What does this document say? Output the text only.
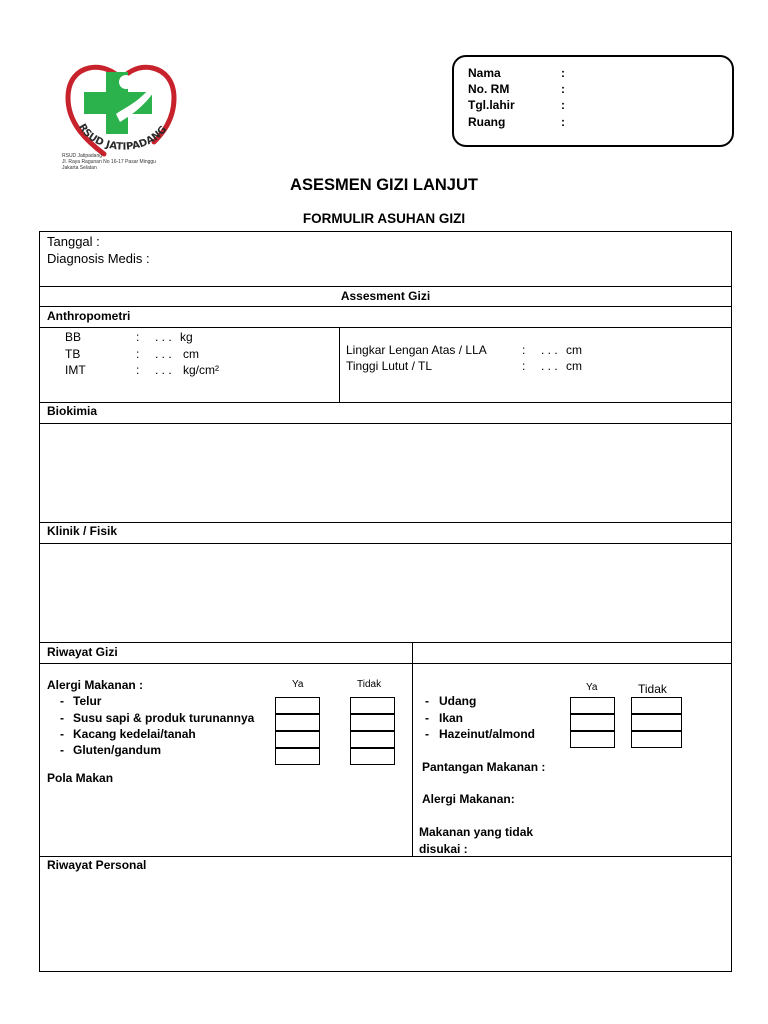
RSUD JATIPADANG
RSUD Jatipadang
Jl. Raya Ragunan No 16-17 Pasar Minggu
Jakarta Selatan
Nama	:
No. RM	:
Tgl.lahir	:
Ruang	:
ASESMEN GIZI LANJUT
FORMULIR ASUHAN GIZI
Tanggal :
Diagnosis Medis :
Assesment Gizi
Anthropometri
BB	: . . . kg
TB	: . . . cm
IMT	: . . . kg/cm²
Lingkar Lengan Atas / LLA	: . . . cm
Tinggi Lutut / TL	: . . . cm
Biokimia
Klinik / Fisik
Riwayat Gizi
Alergi Makanan :	Ya	Tidak
- Telur
- Susu sapi & produk turunannya
- Kacang kedelai/tanah
- Gluten/gandum
Pola Makan
Ya	Tidak
- Udang
- Ikan
- Hazeinut/almond
Pantangan Makanan :
Alergi Makanan:
Makanan yang tidak
disukai :
Riwayat Personal
